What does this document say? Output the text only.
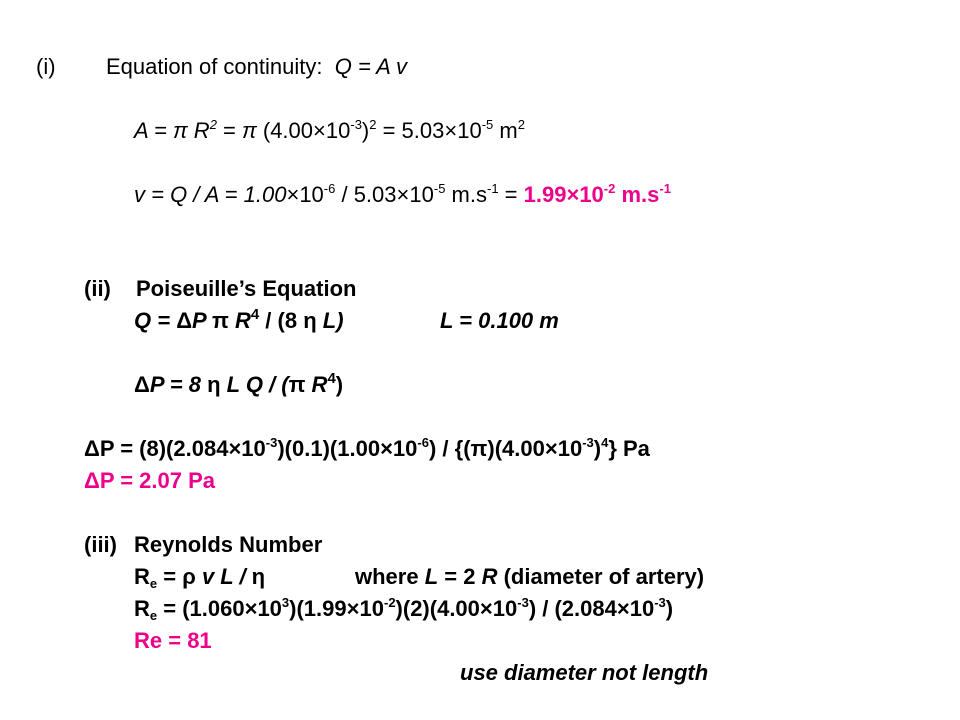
(i) Equation of continuity: Q = A v
A = π $R^2 = \pi$ $(4.00\times 10^{-3})^2 = 5.03\times 10^{-5}$ $m^2$
$v = Q / A = 1.00\times 10^{-6} / 5.03\times 10^{-5}$ $m.s^{-1} = 1.99\times 10^{-2}$ $m.s^{-1}$
(ii) Poiseuille’s Equation
Q = ΔP π $R^4 / (8$ η L)	L = 0.100 m
ΔP = 8 η L Q / (π $R^4$)
$\Delta P = (8)(2.084\times 10^{-3})(0.1)(1.00\times 10^{-6}) / \{(\pi)(4.00\times 10^{-3})^4\}$ Pa
ΔP = 2.07 Pa
(iii) Reynolds Number
$R_e = \rho$ v L / η	where L = 2 R (diameter of artery)
$R_e = (1.060\times 10^3)(1.99\times 10^{-2})(2)(4.00\times 10^{-3}) / (2.084\times 10^{-3})$
Re = 81
use diameter not length
